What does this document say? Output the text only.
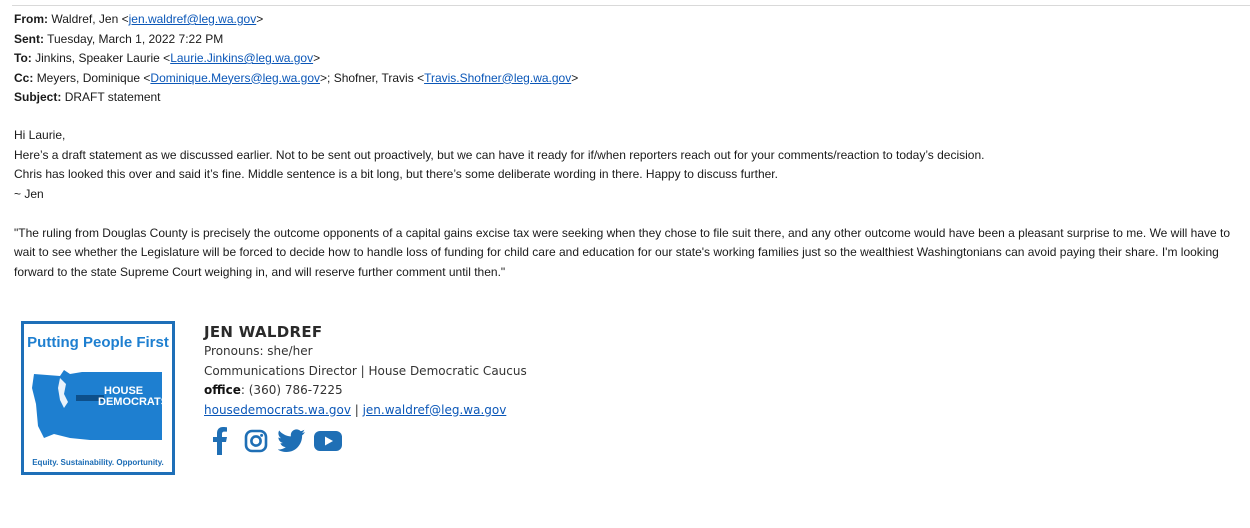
From: Waldref, Jen <jen.waldref@leg.wa.gov>
Sent: Tuesday, March 1, 2022 7:22 PM
To: Jinkins, Speaker Laurie <Laurie.Jinkins@leg.wa.gov>
Cc: Meyers, Dominique <Dominique.Meyers@leg.wa.gov>; Shofner, Travis <Travis.Shofner@leg.wa.gov>
Subject: DRAFT statement

Hi Laurie,

Here’s a draft statement as we discussed earlier. Not to be sent out proactively, but we can have it ready for if/when reporters reach out for your comments/reaction to today’s decision.

Chris has looked this over and said it’s fine. Middle sentence is a bit long, but there’s some deliberate wording in there. Happy to discuss further.

~ Jen

"The ruling from Douglas County is precisely the outcome opponents of a capital gains excise tax were seeking when they chose to file suit there, and any other outcome would have been a pleasant surprise to me. We will have to wait to see whether the Legislature will be forced to decide how to handle loss of funding for child care and education for our state's working families just so the wealthiest Washingtonians can avoid paying their share. I'm looking forward to the state Supreme Court weighing in, and will reserve further comment until then."

Putting People First
HOUSE
DEMOCRATS
Equity. Sustainability. Opportunity.
JEN WALDREF
Pronouns: she/her
Communications Director | House Democratic Caucus
office: (360) 786-7225
housedemocrats.wa.gov | jen.waldref@leg.wa.gov
